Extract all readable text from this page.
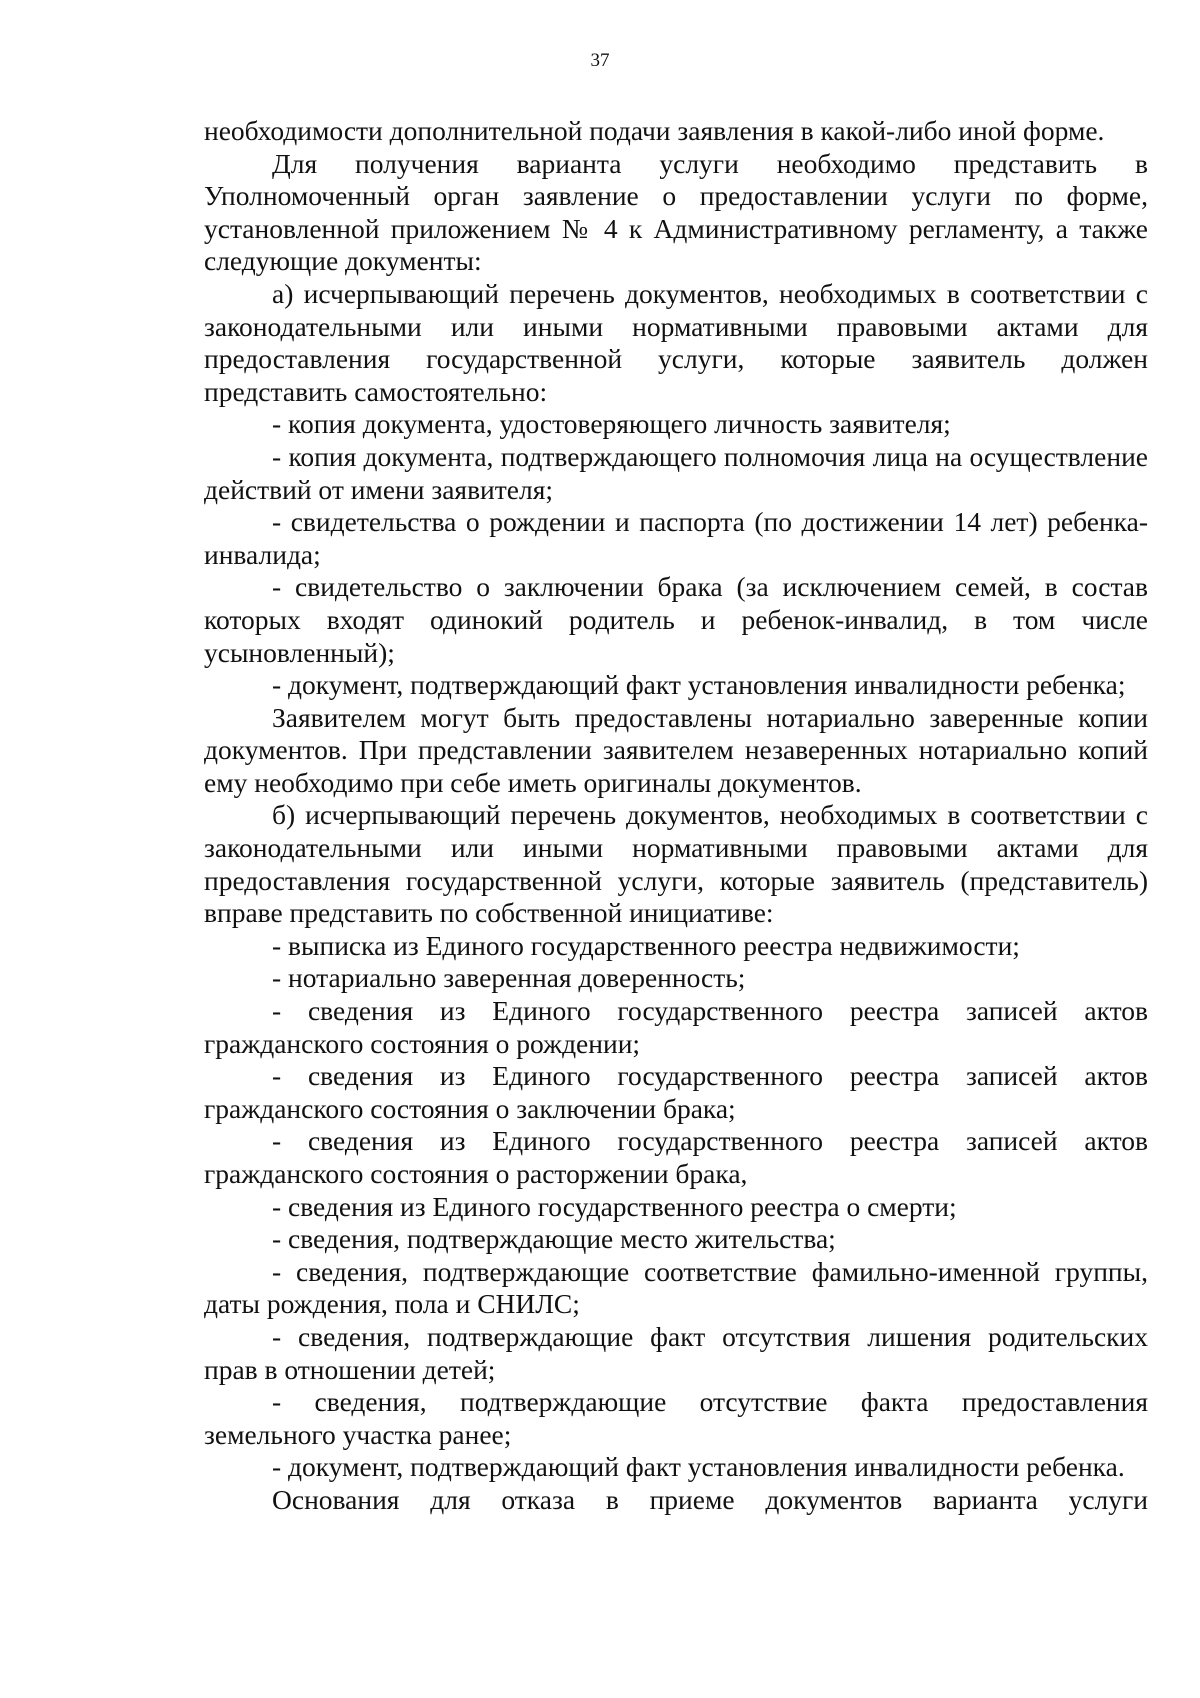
37

необходимости дополнительной подачи заявления в какой-либо иной форме.

Для получения варианта услуги необходимо представить в Уполномоченный орган заявление о предоставлении услуги по форме, установленной приложением № 4 к Административному регламенту, а также следующие документы:

а) исчерпывающий перечень документов, необходимых в соответствии с законодательными или иными нормативными правовыми актами для предоставления государственной услуги, которые заявитель должен представить самостоятельно:

- копия документа, удостоверяющего личность заявителя;

- копия документа, подтверждающего полномочия лица на осуществление действий от имени заявителя;

- свидетельства о рождении и паспорта (по достижении 14 лет) ребенка-инвалида;

- свидетельство о заключении брака (за исключением семей, в состав которых входят одинокий родитель и ребенок-инвалид, в том числе усыновленный);

- документ, подтверждающий факт установления инвалидности ребенка;

Заявителем могут быть предоставлены нотариально заверенные копии документов. При представлении заявителем незаверенных нотариально копий ему необходимо при себе иметь оригиналы документов.

б) исчерпывающий перечень документов, необходимых в соответствии с законодательными или иными нормативными правовыми актами для предоставления государственной услуги, которые заявитель (представитель) вправе представить по собственной инициативе:

- выписка из Единого государственного реестра недвижимости;

- нотариально заверенная доверенность;

- сведения из Единого государственного реестра записей актов гражданского состояния о рождении;

- сведения из Единого государственного реестра записей актов гражданского состояния о заключении брака;

- сведения из Единого государственного реестра записей актов гражданского состояния о расторжении брака,

- сведения из Единого государственного реестра о смерти;

- сведения, подтверждающие место жительства;

- сведения, подтверждающие соответствие фамильно-именной группы, даты рождения, пола и СНИЛС;

- сведения, подтверждающие факт отсутствия лишения родительских прав в отношении детей;

- сведения, подтверждающие отсутствие факта предоставления земельного участка ранее;

- документ, подтверждающий факт установления инвалидности ребенка.

Основания для отказа в приеме документов варианта услуги
